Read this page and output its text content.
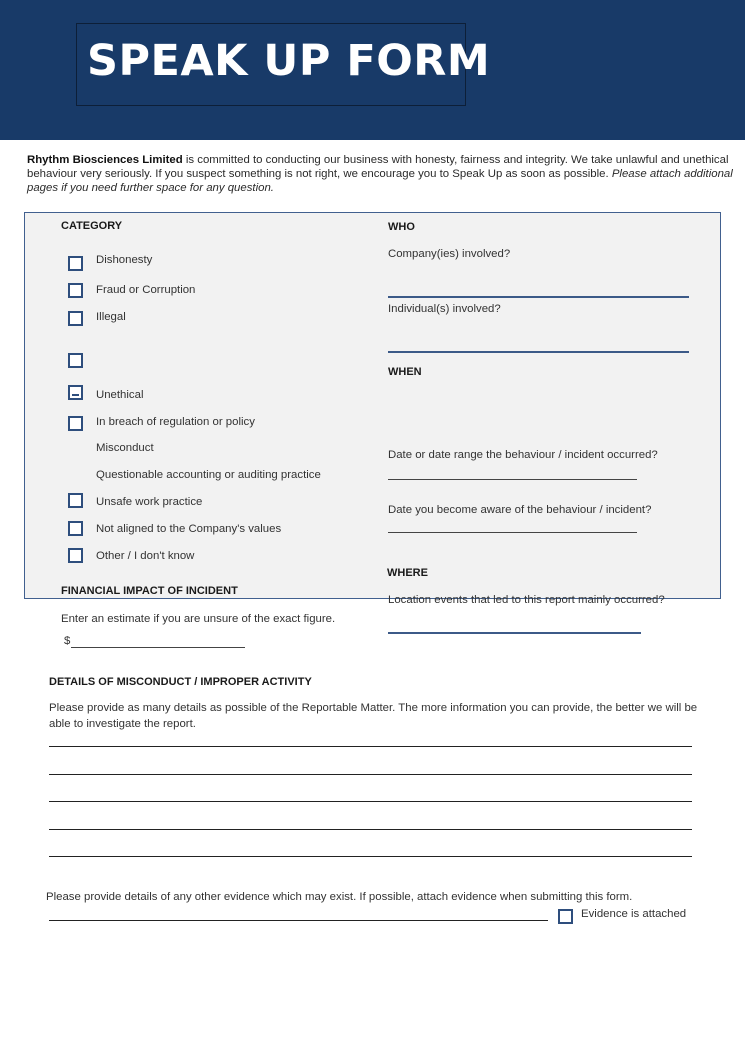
SPEAK UP FORM
Rhythm Biosciences Limited is committed to conducting our business with honesty, fairness and integrity. We take unlawful and unethical behaviour very seriously. If you suspect something is not right, we encourage you to Speak Up as soon as possible. Please attach additional pages if you need further space for any question.
CATEGORY
Dishonesty
Fraud or Corruption
Illegal
Unethical
In breach of regulation or policy
Misconduct
Questionable accounting or auditing practice
Unsafe work practice
Not aligned to the Company's values
Other / I don't know
FINANCIAL IMPACT OF INCIDENT
Enter an estimate if you are unsure of the exact figure.
$
WHO
Company(ies) involved?
Individual(s) involved?
WHEN
Date or date range the behaviour / incident occurred?
Date you become aware of the behaviour / incident?
WHERE
Location events that led to this report mainly occurred?
DETAILS OF MISCONDUCT / IMPROPER ACTIVITY
Please provide as many details as possible of the Reportable Matter. The more information you can provide, the better we will be able to investigate the report.
Please provide details of any other evidence which may exist. If possible, attach evidence when submitting this form.
Evidence is attached
